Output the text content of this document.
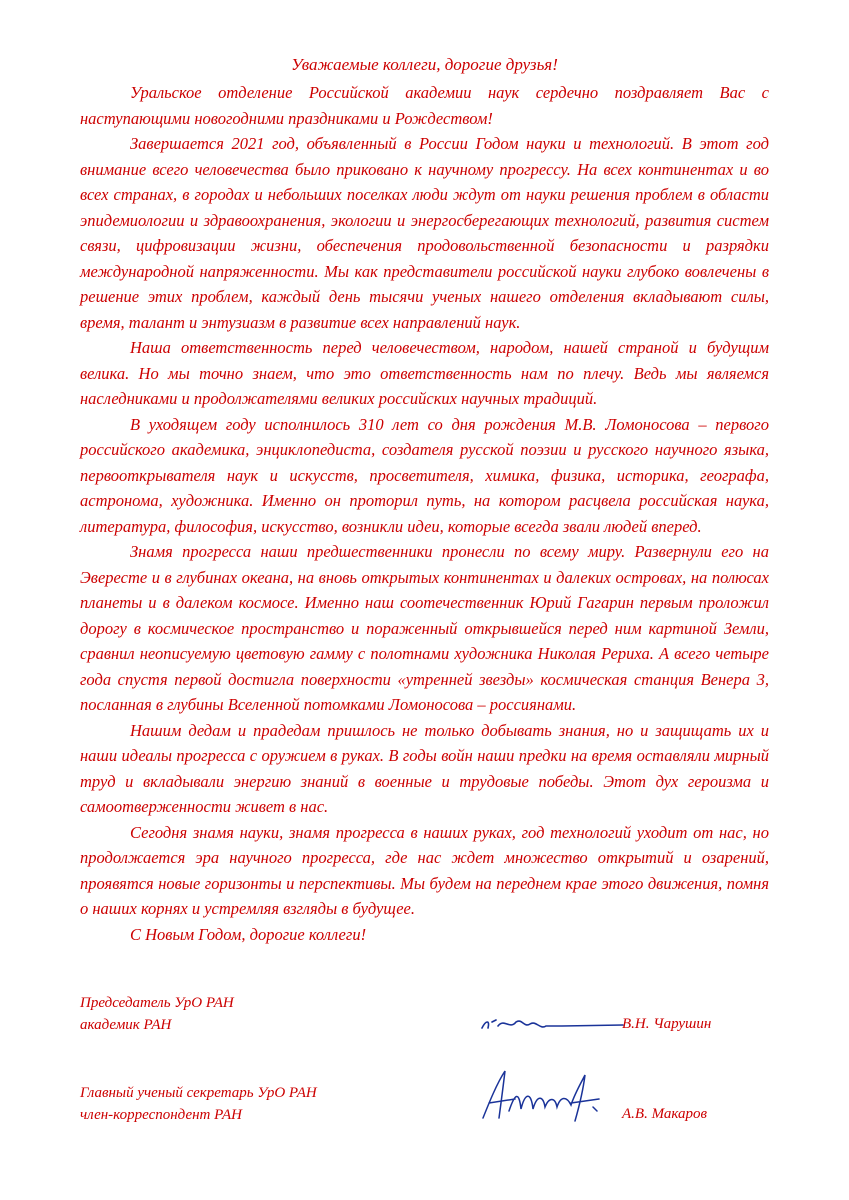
Уважаемые коллеги, дорогие друзья!

Уральское отделение Российской академии наук сердечно поздравляет Вас с наступающими новогодними праздниками и Рождеством!

Завершается 2021 год, объявленный в России Годом науки и технологий. В этот год внимание всего человечества было приковано к научному прогрессу. На всех континентах и во всех странах, в городах и небольших поселках люди ждут от науки решения проблем в области эпидемиологии и здравоохранения, экологии и энергосберегающих технологий, развития систем связи, цифровизации жизни, обеспечения продовольственной безопасности и разрядки международной напряженности. Мы как представители российской науки глубоко вовлечены в решение этих проблем, каждый день тысячи ученых нашего отделения вкладывают силы, время, талант и энтузиазм в развитие всех направлений наук.

Наша ответственность перед человечеством, народом, нашей страной и будущим велика. Но мы точно знаем, что это ответственность нам по плечу. Ведь мы являемся наследниками и продолжателями великих российских научных традиций.

В уходящем году исполнилось 310 лет со дня рождения М.В. Ломоносова – первого российского академика, энциклопедиста, создателя русской поэзии и русского научного языка, первооткрывателя наук и искусств, просветителя, химика, физика, историка, географа, астронома, художника. Именно он проторил путь, на котором расцвела российская наука, литература, философия, искусство, возникли идеи, которые всегда звали людей вперед.

Знамя прогресса наши предшественники пронесли по всему миру. Развернули его на Эвересте и в глубинах океана, на вновь открытых континентах и далеких островах, на полюсах планеты и в далеком космосе. Именно наш соотечественник Юрий Гагарин первым проложил дорогу в космическое пространство и пораженный открывшейся перед ним картиной Земли, сравнил неописуемую цветовую гамму с полотнами художника Николая Рериха. А всего четыре года спустя первой достигла поверхности «утренней звезды» космическая станция Венера 3, посланная в глубины Вселенной потомками Ломоносова – россиянами.

Нашим дедам и прадедам пришлось не только добывать знания, но и защищать их и наши идеалы прогресса с оружием в руках. В годы войн наши предки на время оставляли мирный труд и вкладывали энергию знаний в военные и трудовые победы. Этот дух героизма и самоотверженности живет в нас.

Сегодня знамя науки, знамя прогресса в наших руках, год технологий уходит от нас, но продолжается эра научного прогресса, где нас ждет множество открытий и озарений, проявятся новые горизонты и перспективы. Мы будем на переднем крае этого движения, помня о наших корнях и устремляя взгляды в будущее.

С Новым Годом, дорогие коллеги!

Председатель УрО РАН
академик РАН	В.Н. Чарушин
Главный ученый секретарь УрО РАН
член-корреспондент РАН	А.В. Макаров
